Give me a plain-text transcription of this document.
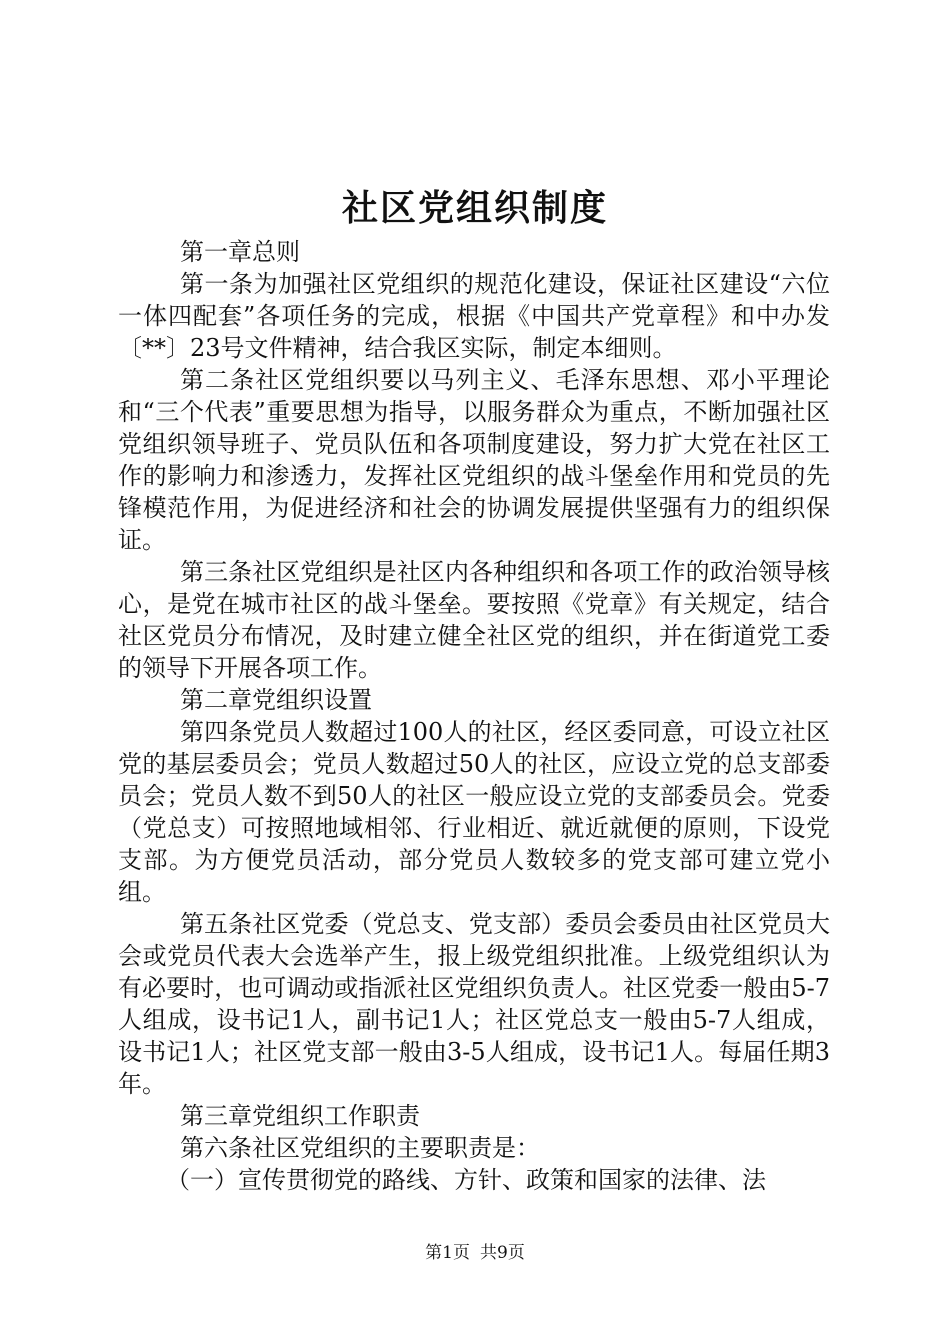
社区党组织制度

第一章总则

第一条为加强社区党组织的规范化建设，保证社区建设“六位一体四配套”各项任务的完成，根据《中国共产党章程》和中办发〔**〕23号文件精神，结合我区实际，制定本细则。

第二条社区党组织要以马列主义、毛泽东思想、邓小平理论和“三个代表”重要思想为指导，以服务群众为重点，不断加强社区党组织领导班子、党员队伍和各项制度建设，努力扩大党在社区工作的影响力和渗透力，发挥社区党组织的战斗堡垒作用和党员的先锋模范作用，为促进经济和社会的协调发展提供坚强有力的组织保证。

第三条社区党组织是社区内各种组织和各项工作的政治领导核心，是党在城市社区的战斗堡垒。要按照《党章》有关规定，结合社区党员分布情况，及时建立健全社区党的组织，并在街道党工委的领导下开展各项工作。

第二章党组织设置

第四条党员人数超过100人的社区，经区委同意，可设立社区党的基层委员会；党员人数超过50人的社区，应设立党的总支部委员会；党员人数不到50人的社区一般应设立党的支部委员会。党委（党总支）可按照地域相邻、行业相近、就近就便的原则，下设党支部。为方便党员活动，部分党员人数较多的党支部可建立党小组。

第五条社区党委（党总支、党支部）委员会委员由社区党员大会或党员代表大会选举产生，报上级党组织批准。上级党组织认为有必要时，也可调动或指派社区党组织负责人。社区党委一般由5-7人组成，设书记1人，副书记1人；社区党总支一般由5-7人组成，设书记1人；社区党支部一般由3-5人组成，设书记1人。每届任期3年。

第三章党组织工作职责

第六条社区党组织的主要职责是：

（一）宣传贯彻党的路线、方针、政策和国家的法律、法

第1页 共9页
